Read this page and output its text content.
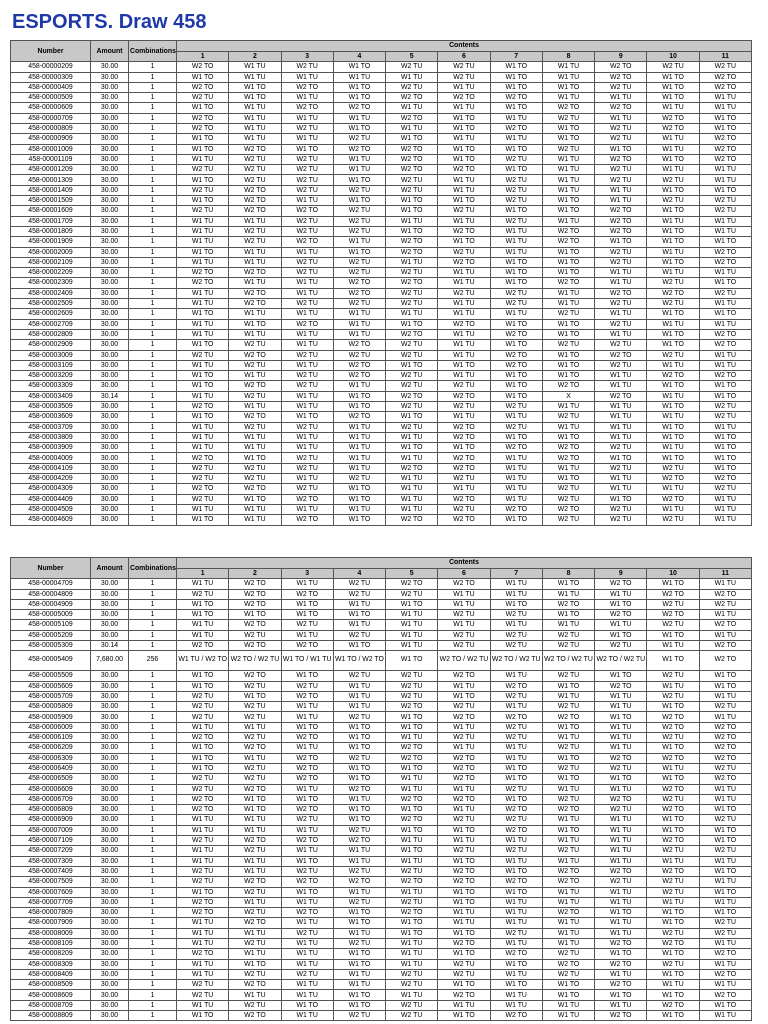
ESPORTS. Draw 458
Number	Amount	Combinations	Contents										
			1	2	3	4	5	6	7	8	9	10	11
458-00000209	30.00	1	W2 TO	W1 TU	W2 TU	W1 TO	W2 TU	W2 TU	W1 TO	W1 TU	W2 TO	W2 TU	W2 TU
458-00000309	30.00	1	W1 TO	W1 TU	W1 TU	W1 TU	W1 TU	W2 TU	W1 TO	W1 TU	W2 TO	W1 TO	W2 TO
458-00000409	30.00	1	W2 TO	W1 TO	W2 TO	W1 TO	W2 TU	W1 TU	W1 TO	W1 TO	W2 TU	W1 TO	W2 TO
458-00000509	30.00	1	W2 TU	W1 TO	W1 TU	W1 TO	W2 TO	W2 TO	W2 TO	W1 TU	W1 TU	W1 TO	W1 TU
458-00000609	30.00	1	W1 TO	W1 TU	W2 TO	W2 TO	W1 TU	W1 TU	W1 TO	W2 TO	W2 TO	W1 TU	W1 TU
458-00000709	30.00	1	W2 TO	W1 TU	W1 TU	W1 TU	W2 TO	W1 TO	W1 TU	W2 TU	W1 TU	W2 TO	W1 TO
458-00000809	30.00	1	W2 TO	W1 TU	W2 TU	W1 TO	W1 TU	W1 TO	W2 TO	W1 TO	W2 TU	W2 TO	W1 TO
458-00000909	30.00	1	W1 TO	W1 TU	W1 TU	W2 TU	W1 TO	W1 TU	W1 TU	W1 TO	W2 TU	W1 TU	W2 TO
458-00001009	30.00	1	W1 TO	W2 TO	W1 TO	W2 TO	W2 TO	W1 TO	W1 TO	W2 TU	W1 TO	W1 TU	W2 TO
458-00001109	30.00	1	W1 TU	W2 TU	W2 TU	W1 TU	W2 TO	W1 TO	W2 TU	W1 TU	W2 TO	W1 TO	W2 TO
458-00001209	30.00	1	W2 TU	W2 TU	W2 TU	W1 TU	W2 TO	W2 TO	W1 TO	W1 TU	W2 TU	W1 TU	W1 TU
458-00001309	30.00	1	W1 TO	W2 TU	W2 TU	W1 TO	W2 TU	W1 TU	W2 TU	W1 TU	W2 TU	W2 TU	W1 TU
458-00001409	30.00	1	W2 TU	W2 TO	W2 TU	W2 TU	W2 TU	W1 TU	W2 TU	W1 TU	W1 TU	W1 TO	W1 TO
458-00001509	30.00	1	W1 TO	W2 TO	W1 TU	W1 TO	W1 TO	W1 TO	W2 TU	W1 TO	W1 TU	W2 TU	W2 TU
458-00001609	30.00	1	W2 TU	W2 TO	W2 TO	W2 TU	W1 TO	W2 TU	W1 TO	W1 TO	W2 TO	W1 TO	W2 TU
458-00001709	30.00	1	W1 TU	W1 TU	W2 TU	W2 TU	W1 TU	W1 TU	W2 TU	W1 TU	W2 TO	W1 TU	W1 TU
458-00001809	30.00	1	W1 TU	W2 TU	W2 TU	W2 TU	W1 TO	W2 TO	W1 TU	W2 TO	W2 TO	W1 TO	W1 TU
458-00001909	30.00	1	W1 TU	W2 TU	W2 TO	W1 TU	W2 TO	W1 TO	W1 TU	W2 TO	W1 TO	W1 TO	W1 TO
458-00002009	30.00	1	W1 TO	W1 TU	W1 TU	W1 TO	W2 TO	W2 TU	W1 TU	W1 TO	W2 TU	W1 TU	W2 TO
458-00002109	30.00	1	W1 TU	W1 TU	W2 TU	W2 TU	W1 TU	W2 TO	W1 TO	W1 TO	W2 TU	W1 TO	W2 TO
458-00002209	30.00	1	W2 TO	W2 TO	W2 TU	W2 TU	W2 TU	W1 TU	W1 TO	W1 TO	W1 TU	W1 TU	W1 TU
458-00002309	30.00	1	W2 TO	W1 TU	W1 TU	W2 TO	W2 TO	W1 TU	W1 TO	W2 TO	W1 TU	W2 TU	W1 TO
458-00002409	30.00	1	W1 TU	W2 TO	W1 TU	W2 TO	W2 TU	W2 TU	W2 TU	W1 TU	W2 TO	W2 TO	W2 TU
458-00002509	30.00	1	W1 TU	W2 TO	W2 TU	W2 TU	W2 TU	W1 TU	W2 TU	W1 TU	W2 TU	W2 TU	W1 TU
458-00002609	30.00	1	W1 TO	W1 TU	W1 TU	W1 TU	W1 TU	W1 TU	W1 TU	W2 TU	W1 TU	W1 TO	W1 TO
458-00002709	30.00	1	W1 TU	W1 TO	W2 TO	W1 TU	W1 TO	W2 TO	W1 TO	W1 TO	W2 TU	W1 TU	W1 TU
458-00002809	30.00	1	W1 TU	W1 TU	W1 TU	W1 TU	W2 TO	W1 TU	W2 TO	W1 TO	W1 TU	W1 TO	W2 TO
458-00002909	30.00	1	W1 TO	W2 TU	W1 TU	W2 TO	W2 TU	W1 TU	W1 TO	W2 TU	W2 TU	W1 TO	W2 TO
458-00003009	30.00	1	W2 TU	W2 TO	W2 TU	W2 TU	W2 TU	W1 TU	W2 TO	W1 TO	W2 TO	W2 TU	W1 TU
458-00003109	30.00	1	W1 TU	W2 TU	W1 TU	W2 TO	W1 TO	W1 TO	W2 TO	W1 TO	W2 TU	W1 TU	W1 TU
458-00003209	30.00	1	W1 TO	W1 TU	W2 TU	W2 TO	W2 TU	W1 TU	W1 TO	W1 TO	W1 TU	W2 TO	W2 TO
458-00003309	30.00	1	W1 TO	W2 TO	W2 TU	W1 TU	W2 TU	W2 TU	W1 TO	W2 TO	W1 TU	W1 TO	W1 TO
458-00003409	30.14	1	W1 TU	W2 TU	W1 TU	W1 TO	W2 TO	W2 TO	W1 TO	X	W2 TO	W1 TU	W1 TO
458-00003509	30.00	1	W2 TO	W1 TU	W1 TU	W1 TO	W2 TU	W2 TU	W2 TU	W1 TU	W1 TU	W1 TO	W2 TU
458-00003609	30.00	1	W1 TO	W2 TO	W1 TO	W2 TO	W1 TO	W1 TU	W1 TU	W2 TU	W1 TU	W1 TU	W2 TU
458-00003709	30.00	1	W1 TU	W2 TU	W2 TU	W1 TU	W2 TU	W2 TO	W2 TU	W1 TU	W1 TU	W1 TO	W1 TU
458-00003809	30.00	1	W1 TU	W1 TU	W1 TU	W1 TU	W1 TU	W2 TO	W1 TO	W1 TO	W1 TU	W1 TO	W1 TO
458-00003909	30.00	1	W1 TU	W1 TU	W1 TU	W1 TU	W1 TO	W1 TO	W2 TO	W2 TO	W2 TU	W1 TU	W1 TO
458-00004009	30.00	1	W2 TO	W1 TO	W2 TU	W1 TU	W1 TU	W2 TO	W1 TU	W2 TO	W1 TO	W1 TO	W1 TO
458-00004109	30.00	1	W2 TU	W2 TU	W2 TU	W1 TU	W2 TO	W2 TO	W1 TU	W1 TU	W2 TU	W2 TU	W1 TO
458-00004209	30.00	1	W2 TU	W2 TU	W1 TU	W2 TU	W1 TU	W2 TU	W1 TU	W1 TO	W1 TU	W2 TO	W2 TO
458-00004309	30.00	1	W2 TO	W2 TO	W2 TU	W1 TO	W1 TU	W1 TU	W1 TU	W2 TU	W1 TU	W1 TU	W2 TU
458-00004409	30.00	1	W2 TU	W1 TO	W2 TO	W1 TO	W1 TU	W2 TO	W1 TU	W2 TU	W1 TO	W2 TO	W1 TU
458-00004509	30.00	1	W1 TU	W1 TU	W1 TU	W1 TU	W1 TU	W2 TU	W2 TO	W2 TO	W2 TU	W1 TU	W1 TU
458-00004609	30.00	1	W1 TO	W1 TU	W2 TO	W1 TO	W2 TO	W2 TO	W1 TO	W2 TU	W2 TU	W2 TU	W1 TU
Number	Amount	Combinations	Contents										
			1	2	3	4	5	6	7	8	9	10	11
458-00004709	30.00	1	W1 TU	W2 TO	W1 TU	W2 TU	W2 TO	W2 TO	W1 TU	W1 TO	W2 TO	W1 TO	W1 TU
458-00004809	30.00	1	W2 TU	W2 TO	W2 TO	W2 TU	W2 TU	W1 TU	W1 TU	W1 TU	W1 TU	W2 TO	W2 TO
458-00004909	30.00	1	W1 TO	W2 TO	W1 TO	W1 TU	W1 TO	W1 TU	W1 TO	W2 TO	W1 TO	W2 TU	W2 TU
458-00005009	30.00	1	W1 TO	W1 TO	W1 TO	W1 TO	W1 TU	W2 TU	W2 TU	W1 TO	W2 TO	W2 TO	W1 TU
458-00005109	30.00	1	W1 TU	W2 TO	W2 TU	W1 TU	W1 TU	W1 TU	W1 TU	W1 TU	W1 TU	W2 TU	W2 TO
458-00005209	30.00	1	W1 TU	W2 TU	W1 TU	W2 TU	W1 TU	W2 TU	W2 TU	W2 TU	W1 TO	W1 TO	W1 TU
458-00005309	30.14	1	W2 TO	W2 TO	W2 TO	W1 TO	W1 TU	W2 TU	W2 TU	W2 TU	W2 TU	W1 TU	W2 TO
458-00005409	7,680.00	256	W1 TU / W2 TO	W2 TO / W2 TU	W1 TO / W1 TU	W1 TO / W2 TO	W1 TO	W2 TO / W2 TU	W2 TO / W2 TU	W2 TO / W2 TU	W2 TO / W2 TU	W1 TO	W2 TO
458-00005509	30.00	1	W1 TO	W2 TO	W1 TO	W2 TU	W2 TU	W2 TO	W1 TU	W2 TU	W1 TO	W2 TU	W1 TO
458-00005609	30.00	1	W1 TO	W2 TU	W2 TU	W1 TU	W2 TU	W1 TU	W2 TO	W1 TO	W2 TO	W1 TU	W1 TO
458-00005709	30.00	1	W2 TU	W1 TO	W2 TO	W1 TU	W2 TU	W1 TO	W2 TU	W1 TU	W1 TU	W2 TU	W1 TU
458-00005809	30.00	1	W2 TU	W2 TU	W1 TU	W1 TU	W2 TO	W2 TU	W1 TU	W2 TU	W1 TU	W1 TO	W2 TU
458-00005909	30.00	1	W2 TU	W2 TU	W1 TU	W2 TU	W1 TO	W2 TO	W2 TO	W2 TO	W1 TO	W2 TO	W1 TU
458-00006009	30.00	1	W1 TU	W1 TU	W1 TO	W1 TO	W1 TO	W1 TU	W2 TU	W1 TO	W1 TU	W2 TO	W2 TO
458-00006109	30.00	1	W2 TO	W2 TU	W2 TO	W1 TO	W1 TU	W2 TU	W2 TU	W1 TU	W1 TU	W2 TU	W2 TO
458-00006209	30.00	1	W1 TO	W2 TO	W1 TU	W1 TO	W2 TO	W1 TU	W1 TU	W2 TU	W1 TU	W1 TO	W2 TO
458-00006309	30.00	1	W1 TO	W1 TU	W2 TO	W2 TU	W2 TO	W2 TO	W1 TU	W1 TO	W2 TO	W2 TO	W2 TO
458-00006409	30.00	1	W1 TO	W2 TU	W2 TO	W1 TO	W1 TO	W2 TO	W1 TO	W2 TU	W2 TU	W1 TU	W2 TU
458-00006509	30.00	1	W2 TU	W2 TU	W2 TO	W1 TO	W1 TU	W2 TO	W1 TO	W1 TO	W1 TO	W1 TO	W2 TO
458-00006609	30.00	1	W2 TU	W2 TO	W1 TU	W2 TO	W1 TU	W1 TU	W2 TU	W1 TU	W1 TU	W2 TO	W1 TU
458-00006709	30.00	1	W2 TO	W1 TO	W1 TO	W1 TU	W2 TO	W2 TO	W1 TO	W2 TU	W2 TO	W2 TU	W1 TU
458-00006809	30.00	1	W2 TO	W1 TO	W2 TO	W1 TO	W1 TO	W1 TU	W2 TO	W2 TO	W2 TU	W2 TO	W1 TO
458-00006909	30.00	1	W1 TU	W1 TU	W2 TU	W1 TO	W2 TO	W2 TU	W2 TU	W1 TU	W1 TU	W1 TO	W2 TU
458-00007009	30.00	1	W1 TU	W1 TU	W1 TU	W2 TU	W1 TO	W1 TO	W2 TO	W1 TO	W1 TU	W1 TO	W1 TO
458-00007109	30.00	1	W2 TU	W2 TO	W2 TO	W2 TO	W1 TU	W1 TU	W1 TU	W1 TU	W1 TU	W2 TO	W1 TO
458-00007209	30.00	1	W1 TU	W2 TU	W1 TU	W1 TU	W1 TO	W2 TU	W2 TU	W2 TU	W1 TU	W2 TU	W2 TU
458-00007309	30.00	1	W1 TU	W1 TU	W1 TO	W1 TU	W1 TU	W1 TO	W1 TU	W1 TU	W1 TU	W1 TU	W1 TU
458-00007409	30.00	1	W2 TU	W1 TU	W2 TU	W2 TU	W2 TU	W2 TO	W1 TO	W2 TO	W2 TO	W2 TO	W1 TO
458-00007509	30.00	1	W2 TU	W2 TO	W2 TO	W2 TO	W2 TO	W2 TO	W2 TO	W2 TO	W2 TU	W2 TU	W1 TU
458-00007609	30.00	1	W1 TO	W2 TU	W1 TO	W1 TU	W1 TU	W1 TO	W1 TO	W1 TU	W1 TU	W2 TU	W1 TO
458-00007709	30.00	1	W2 TO	W1 TU	W1 TU	W2 TU	W2 TU	W1 TO	W1 TU	W1 TU	W1 TU	W1 TU	W1 TU
458-00007809	30.00	1	W2 TO	W2 TU	W2 TO	W1 TO	W2 TO	W1 TU	W1 TU	W2 TO	W1 TO	W1 TO	W1 TO
458-00007909	30.00	1	W1 TU	W2 TO	W1 TU	W1 TO	W1 TO	W1 TU	W1 TU	W1 TU	W1 TU	W1 TO	W2 TU
458-00008009	30.00	1	W1 TU	W1 TU	W2 TU	W1 TU	W1 TO	W1 TO	W2 TU	W1 TU	W1 TU	W2 TU	W2 TU
458-00008109	30.00	1	W1 TU	W2 TU	W1 TU	W2 TU	W1 TU	W2 TO	W1 TU	W1 TU	W2 TO	W2 TO	W1 TU
458-00008209	30.00	1	W2 TO	W1 TU	W1 TU	W1 TO	W1 TU	W1 TO	W2 TO	W2 TU	W1 TO	W1 TO	W2 TO
458-00008309	30.00	1	W1 TU	W1 TO	W1 TU	W1 TO	W1 TU	W2 TU	W1 TO	W2 TO	W2 TO	W2 TU	W1 TU
458-00008409	30.00	1	W1 TU	W2 TU	W2 TU	W1 TU	W2 TU	W2 TU	W1 TU	W2 TU	W1 TU	W1 TO	W2 TO
458-00008509	30.00	1	W2 TU	W2 TO	W1 TU	W1 TU	W2 TU	W1 TO	W1 TO	W1 TO	W2 TO	W1 TU	W1 TU
458-00008609	30.00	1	W2 TU	W1 TU	W1 TU	W1 TO	W1 TU	W2 TO	W1 TU	W1 TO	W1 TO	W1 TO	W2 TO
458-00008709	30.00	1	W1 TU	W2 TU	W1 TO	W1 TO	W2 TU	W1 TU	W1 TU	W1 TU	W1 TU	W2 TO	W1 TO
458-00008809	30.00	1	W1 TO	W2 TO	W1 TU	W2 TU	W2 TU	W1 TO	W2 TO	W1 TU	W2 TO	W1 TO	W1 TU
